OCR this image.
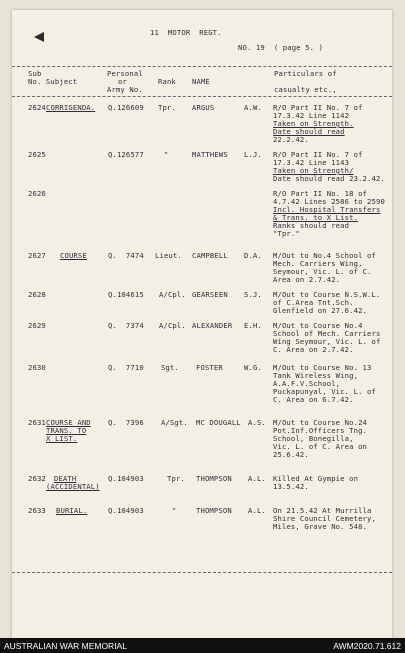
11  MOTOR  REGT.
NO. 19  ( page 5. )
Sub
No. Subject
Personal
or
Army No.
Rank NAME
Particulars of
casualty etc.,
2624 CORRIGENDA. Q.126609 Tpr. ARGUS	A.W. R/O Part II No. 7 of
17.3.42 Line 1142
Taken on Strength.
Date should read
22.2.42.
2625	Q.126577	"	MATTHEWS L.J. R/O Part II No. 7 of
17.3.42 Line 1143
Taken on Strength/
Date should read 23.2.42.
2626	R/O Part II No. 18 of
4.7.42 Lines 2586 to 2590
Incl. Hospital Transfers
& Trans. to X List.
Ranks should read
"Tpr."
2627 COURSE	Q.  7474 Lieut. CAMPBELL D.A. M/Out to No.4 School of
Mech. Carriers Wing,
Seymour, Vic. L. of C.
Area on 2.7.42.
2628	Q.104615 A/Cpl. GEARSEEN S.J. M/Out to Course N.S.W.L.
of C.Area Tnt.Sch.
Glenfield on 27.6.42.
2629	Q.  7374 A/Cpl. ALEXANDER E.H. M/Out to Course No.4
School of Mech. Carriers
Wing Seymour, Vic. L. of
C. Area on 2.7.42.
2630	Q.  7710 Sgt. FOSTER	W.G. M/Out to Course No. 13
Tank Wireless Wing,
A.A.F.V.School,
Puckapunyal, Vic. L. of
C. Area on 6.7.42.
2631 COURSE AND
TRANS. TO
X LIST.
Q.  7396 A/Sgt. MC DOUGALL A.S. M/Out to Course No.24
Pot.Inf.Officers Tng.
School, Bonegilla,
Vic. L. of C. Area on
25.6.42.
2632 DEATH
(ACCIDENTAL)
Q.104903	Tpr. THOMPSON A.L. Killed At Gympie on
13.5.42.
2633 BURIAL.	Q.104903	"	THOMPSON A.L. On 21.5.42 At Murrilla
Shire Council Cemetery,
Miles, Grave No. 548.
AUSTRALIAN WAR MEMORIAL	AWM2020.71.612
